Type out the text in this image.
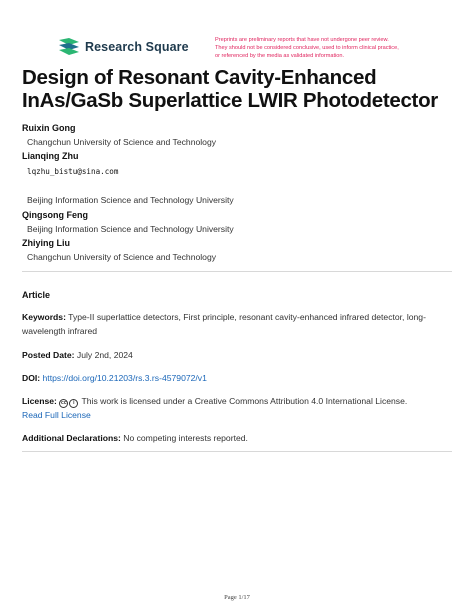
Research Square	Preprints are preliminary reports that have not undergone peer review.
They should not be considered conclusive, used to inform clinical practice,
or referenced by the media as validated information.
Design of Resonant Cavity-Enhanced InAs/GaSb Superlattice LWIR Photodetector
Ruixin Gong
Changchun University of Science and Technology
Lianqing Zhu
lqzhu_bistu@sina.com
Beijing Information Science and Technology University
Qingsong Feng
Beijing Information Science and Technology University
Zhiying Liu
Changchun University of Science and Technology
Article
Keywords: Type-II superlattice detectors, First principle, resonant cavity-enhanced infrared detector, long-wavelength infrared
Posted Date: July 2nd, 2024
DOI: https://doi.org/10.21203/rs.3.rs-4579072/v1
License: cc i This work is licensed under a Creative Commons Attribution 4.0 International License.
Read Full License
Additional Declarations: No competing interests reported.
Page 1/17
